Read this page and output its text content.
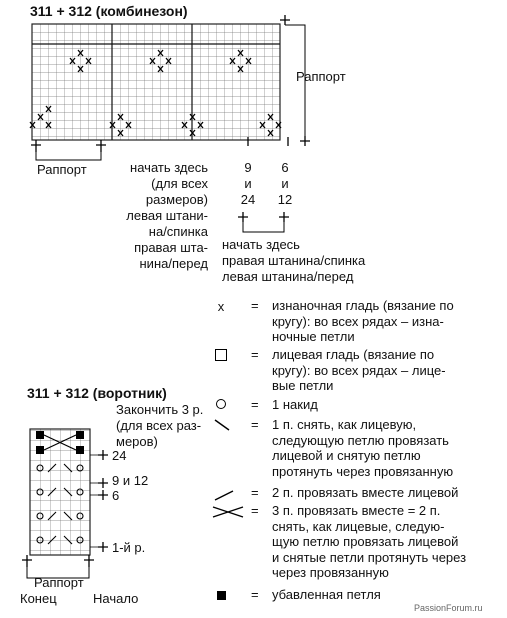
311 + 312 (комбинезон)
Раппорт
Раппорт	начать здесь
(для всех
размеров)
левая штани-
на/спинка
правая шта-
нина/перед
9
и
24
6
и
12
начать здесь
правая штанина/спинка
левая штанина/перед
311 + 312 (воротник)
Закончить 3 р.
(для всех раз-
меров)
24
9 и 12
6
1-й р.
Раппорт
Конец	Начало
x	= изнаночная гладь (вязание по
кругу): во всех рядах – изна-
ночные петли
= лицевая гладь (вязание по
кругу): во всех рядах – лице-
вые петли
= 1 накид
= 1 п. снять, как лицевую,
следующую петлю провязать
лицевой и снятую петлю
протянуть через провязанную
= 2 п. провязать вместе лицевой
= 3 п. провязать вместе = 2 п.
снять, как лицевые, следую-
щую петлю провязать лицевой
и снятые петли протянуть через
через провязанную
= убавленная петля
PassionForum.ru
